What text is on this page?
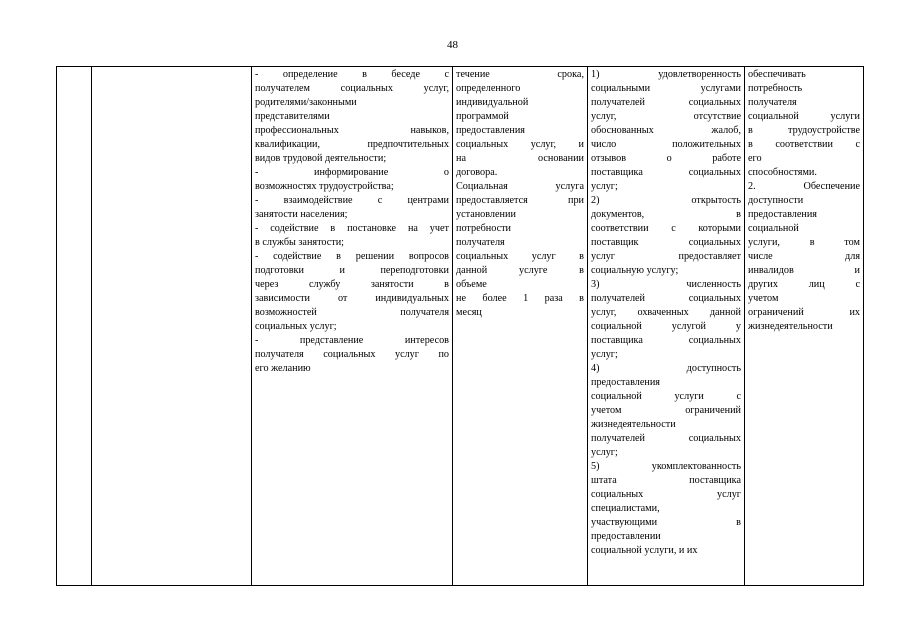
48

- определение в беседе с
получателем социальных услуг,
родителями/законными
представителями
профессиональных навыков,
квалификации, предпочтительных
видов трудовой деятельности;
- информирование о
возможностях трудоустройства;
- взаимодействие с центрами
занятости населения;
- содействие в постановке на учет
в службы занятости;
- содействие в решении вопросов
подготовки и переподготовки
через службу занятости в
зависимости от индивидуальных
возможностей получателя
социальных услуг;
- представление интересов
получателя социальных услуг по
его желанию

течение срока,
определенного
индивидуальной
программой
предоставления
социальных услуг, и
на основании
договора.
Социальная услуга
предоставляется при
установлении
потребности
получателя
социальных услуг в
данной услуге в
объеме
не более 1 раза в
месяц

1) удовлетворенность
социальными услугами
получателей социальных
услуг, отсутствие
обоснованных жалоб,
число положительных
отзывов о работе
поставщика социальных
услуг;
2) открытость
документов, в
соответствии с которыми
поставщик социальных
услуг предоставляет
социальную услугу;
3) численность
получателей социальных
услуг, охваченных данной
социальной услугой у
поставщика социальных
услуг;
4) доступность
предоставления
социальной услуги с
учетом ограничений
жизнедеятельности
получателей социальных
услуг;
5) укомплектованность
штата поставщика
социальных услуг
специалистами,
участвующими в
предоставлении
социальной услуги, и их

обеспечивать
потребность
получателя
социальной услуги
в трудоустройстве
в соответствии с
его
способностями.
2. Обеспечение
доступности
предоставления
социальной
услуги, в том
числе для
инвалидов и
других лиц с
учетом
ограничений их
жизнедеятельности
